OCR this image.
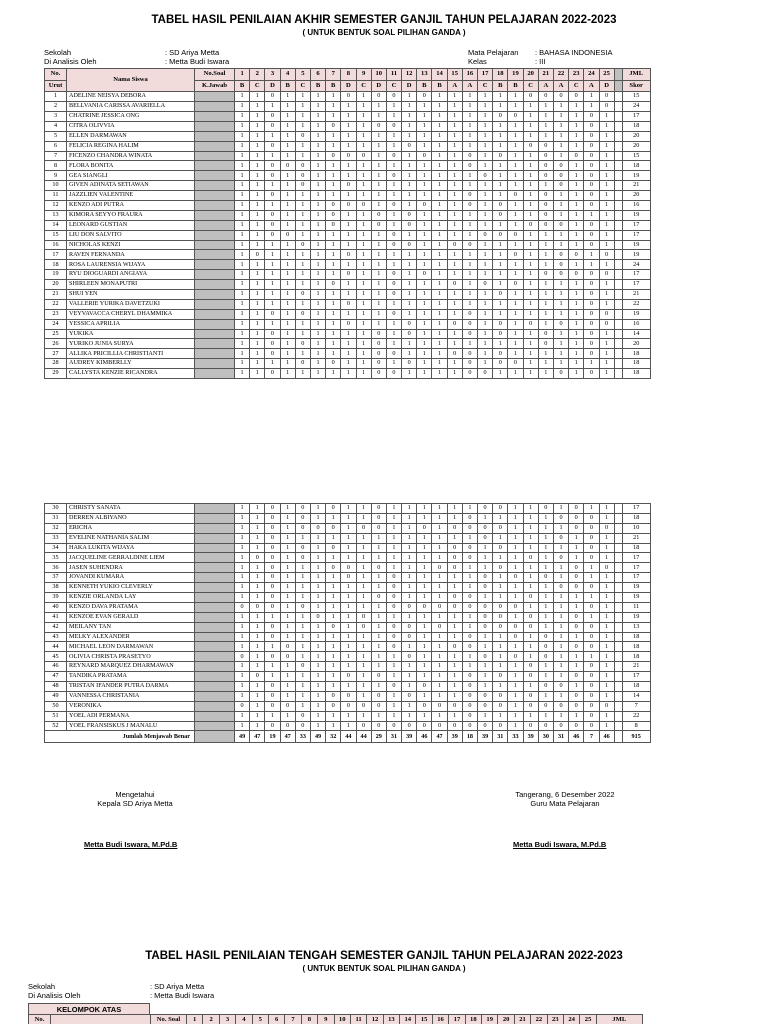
TABEL HASIL PENILAIAN AKHIR SEMESTER GANJIL TAHUN PELAJARAN 2022-2023
( UNTUK BENTUK SOAL PILIHAN GANDA )
Sekolah
Di Analisis Oleh
: SD Ariya Metta
: Metta Budi Iswara
Mata Pelajaran
Kelas
: BAHASA INDONESIA
: III
No.	Nama Siswa	No.Soal	1	2	3	4	5	6	7	8	9	10	11	12	13	14	15	16	17	18	19	20	21	22	23	24	25		JML
Urut		K.Jawab	B	C	D	B	C	B	B	D	C	D	C	D	B	B	A	A	C	B	B	C	A	A	C	A	D		Skor
1	ADELINE NEISYA DEBORA		1	1	0	1	1	1	1	0	1	0	0	1	0	1	1	1	1	1	1	0	0	0	0	1	0		15
2	BELLVANIA CARISSA AVARIELLA		1	1	1	1	1	1	1	1	1	1	1	1	1	1	1	1	1	1	1	1	1	1	1	1	0		24
3	CHATRINE JESSICA ONG		1	1	0	1	1	1	1	1	1	1	1	1	1	1	1	1	1	0	0	1	1	1	1	0	1		17
4	CITRA OLIVVIA		1	1	0	1	1	1	0	1	1	0	0	1	1	1	1	1	1	1	1	1	1	1	1	0	1		18
5	ELLEN DARMAWAN		1	1	1	1	0	1	1	1	1	1	1	1	1	1	1	1	1	1	1	1	1	1	1	0	1		20
6	FELICIA REGINA HALIM		1	1	0	1	1	1	1	1	1	1	1	0	1	1	1	1	1	1	1	0	0	1	1	0	1		20
7	FICENZO CHANDRA WINATA		1	1	1	1	1	1	0	0	0	1	0	1	0	1	1	0	1	0	1	1	0	1	0	0	1		15
8	FLORA BONITA		1	1	0	0	0	1	1	1	1	1	1	1	1	1	1	0	1	1	1	1	0	0	1	0	1		18
9	GEA SIANGLI		1	1	0	1	0	1	1	1	1	1	0	1	1	1	1	1	0	1	1	1	0	0	1	0	1		19
10	GIVEN ADINATA SETIAWAN		1	1	1	1	0	1	1	0	1	1	1	1	1	1	1	1	1	1	1	1	1	0	1	0	1		21
11	JAZZLIEN VALENTINE		1	1	0	1	1	1	1	1	1	1	1	1	1	1	1	0	1	1	0	1	0	1	1	0	1		20
12	KENZO ADI PUTRA		1	1	1	1	1	1	0	0	0	1	0	1	0	1	1	0	1	0	1	1	0	1	1	0	1		16
13	KIMORA SEYYO FRAURA		1	1	0	1	1	1	0	1	1	0	1	0	1	1	1	1	1	0	1	1	0	1	1	1	1		19
14	LEONARD GUSTIAN		1	1	0	1	1	1	0	1	1	0	1	0	1	1	1	1	1	1	1	0	0	0	1	0	1		17
15	LIU DON SALVITO		1	1	0	0	1	1	1	1	1	1	0	1	1	1	1	1	0	0	0	1	1	1	1	0	1		17
16	NICHOLAS KENZI		1	1	1	1	0	1	1	1	1	1	0	0	1	1	0	0	1	1	1	1	1	1	1	0	1		19
17	RAVEN FERNANDA		1	0	1	1	1	1	1	0	1	1	1	1	1	1	1	1	1	1	0	1	1	0	0	1	0		19
18	ROSA LAURENSIA WIJAYA		1	1	1	1	1	1	1	1	1	1	1	1	1	1	1	1	1	1	1	1	1	0	1	1	1		24
19	RYU DIOGUARDI ANGIAYA		1	1	1	1	1	1	1	0	1	1	0	1	0	1	1	1	1	1	1	1	0	0	0	0	0		17
20	SHIRLEEN MONAPUTRI		1	1	1	1	1	1	0	1	1	1	0	1	1	1	0	1	0	1	0	1	1	1	1	0	1		17
21	SHUI YEN		1	1	1	1	0	1	1	1	1	1	0	1	1	1	1	1	1	0	1	1	1	1	1	0	1		21
22	VALLERIE YURIKA DAVETZUKI		1	1	1	1	1	1	1	0	1	1	1	1	1	1	1	1	1	1	1	1	1	1	1	0	1		22
23	VEYVAVACCA CHERYL DHAMMIKA		1	1	0	1	0	1	1	1	1	1	0	1	1	1	1	0	1	1	1	1	1	1	1	0	0		19
24	YESSICA APRILIA		1	1	1	1	1	1	1	0	1	1	1	0	1	1	0	0	1	0	1	0	1	0	1	0	0		16
25	YUKIKA		1	1	0	1	1	1	1	1	1	0	1	0	1	1	1	0	1	0	1	1	0	1	1	0	1		14
26	YURIKO JUNIA SURYA		1	1	0	1	0	1	1	1	1	0	1	1	1	1	1	1	1	1	1	1	0	1	1	0	1		20
27	ALLIKA PRICILLIA CHRISTIANTI		1	1	0	1	1	1	1	1	1	0	0	1	1	1	0	0	1	0	1	1	1	1	1	0	1		18
28	AUDREY KIMBERLLY		1	1	1	1	0	1	0	1	1	0	1	0	1	1	1	0	1	0	0	1	1	1	1	1	1		18
29	CALLYSTA KENZIE RICANDRA		1	1	0	1	1	1	1	1	1	0	0	1	1	1	1	0	0	1	1	1	1	0	1	0	1		18
30	CHRISTY SANATA		1	1	0	1	0	1	0	1	1	0	1	1	1	1	1	1	0	0	1	1	0	1	0	1	1		17
31	DERREN ALBIYANO		1	1	0	1	0	1	1	1	1	0	1	1	1	1	1	0	1	1	1	1	1	0	0	0	1		18
32	ERICHA		1	1	0	1	0	0	0	1	0	0	1	1	0	1	0	0	0	0	1	1	1	1	0	0	0		10
33	EVELINE NATHANIA SALIM		1	1	0	1	1	1	1	1	1	1	1	1	1	1	1	1	0	1	1	1	1	0	1	0	1		21
34	HAKA LUKITA WIJAYA		1	1	0	1	0	1	0	1	1	1	1	1	1	1	0	0	1	0	1	1	1	1	1	0	1		18
35	JACQUELINE GERRALDINE LIEM		1	0	0	1	0	1	1	1	1	1	1	1	1	1	0	0	1	1	1	0	1	0	1	0	1		17
36	JASEN SUHENDRA		1	1	0	1	1	1	0	0	1	0	1	1	1	0	0	1	1	0	1	1	1	1	0	1	0		17
37	JOVANDI KUMARA		1	1	0	1	1	1	1	0	1	1	0	1	1	1	1	1	0	1	0	1	0	1	0	1	1		17
38	KENNETH YUKIO CLEVERLY		1	1	0	1	1	1	1	1	1	1	0	1	1	1	1	1	0	1	1	1	1	0	0	0	1		19
39	KENZIE ORLANDA LAY		1	1	0	1	1	1	1	1	1	0	0	1	1	1	0	0	1	1	1	0	1	1	1	1	1		19
40	KENZO DAVA PRATAMA		0	0	0	1	0	1	1	1	1	1	0	0	0	0	0	0	0	0	0	1	1	1	1	0	1		11
41	KENZOE EVAN GERALD		1	1	1	1	1	0	1	1	0	1	1	1	1	1	1	1	0	0	1	0	1	1	0	1	1		19
42	MEILANY TAN		1	1	0	1	1	1	0	1	0	1	0	0	1	0	1	1	0	0	0	0	1	1	0	0	1		13
43	MELKY ALEXANDER		1	1	0	1	1	1	1	1	1	1	0	0	1	1	1	0	1	1	0	1	0	1	1	0	1		18
44	MICHAEL LEON DARMAWAN		1	1	1	0	1	1	1	1	1	1	0	1	1	1	0	0	1	1	1	1	0	1	0	0	1		18
45	OLIVIA CHRISTA PRASETYO		0	1	0	0	1	1	1	1	1	1	1	0	1	1	1	1	0	1	0	1	0	1	1	1	1		18
46	REYNARD MARQUEZ DHARMAWAN		1	1	1	1	0	1	1	1	1	1	1	1	1	1	1	1	1	1	1	0	1	1	1	0	1		21
47	TANDIKA PRATAMA		1	0	1	1	1	1	1	0	1	0	1	1	1	1	1	0	1	0	1	0	1	1	0	0	1		17
48	TRISTAN IFANDER PUTRA DARMA		1	1	0	1	1	1	1	1	1	1	0	1	0	1	1	0	1	1	1	1	0	0	1	0	1		18
49	VANNESSA CHRISTANIA		1	1	0	1	1	1	0	0	1	0	1	0	1	1	1	0	0	0	1	0	1	1	0	0	1		14
50	VERONIKA		0	1	0	0	1	1	0	0	0	0	1	1	0	0	0	0	0	0	1	0	0	0	0	0	0		7
51	YOEL ADI PERMANA		1	1	1	1	0	1	1	1	1	1	1	1	1	1	1	0	1	1	1	1	1	1	1	0	1		22
52	YOEL FRANSISKUS J MANALU		1	1	0	0	0	1	1	1	0	0	0	0	0	0	0	0	0	0	1	0	0	0	0	0	1		8
Jumlah Menjawab Benar			49	47	19	47	33	49	32	44	44	29	31	39	46	47	39	18	39	31	33	39	30	31	46	7	46		915
Mengetahui
Kepala SD Ariya Metta
Metta Budi Iswara, M.Pd.B
Tangerang, 6 Desember 2022
Guru Mata Pelajaran
Metta Budi Iswara, M.Pd.B
TABEL HASIL PENILAIAN TENGAH SEMESTER GANJIL TAHUN PELAJARAN 2022-2023
( UNTUK BENTUK SOAL PILIHAN GANDA )
Sekolah
Di Analisis Oleh
: SD Ariya Metta
: Metta Budi Iswara
KELOMPOK ATAS
No.		No. Soal	1	2	3	4	5	6	7	8	9	10	11	12	13	14	15	16	17	18	19	20	21	22	23	24	25	JML
